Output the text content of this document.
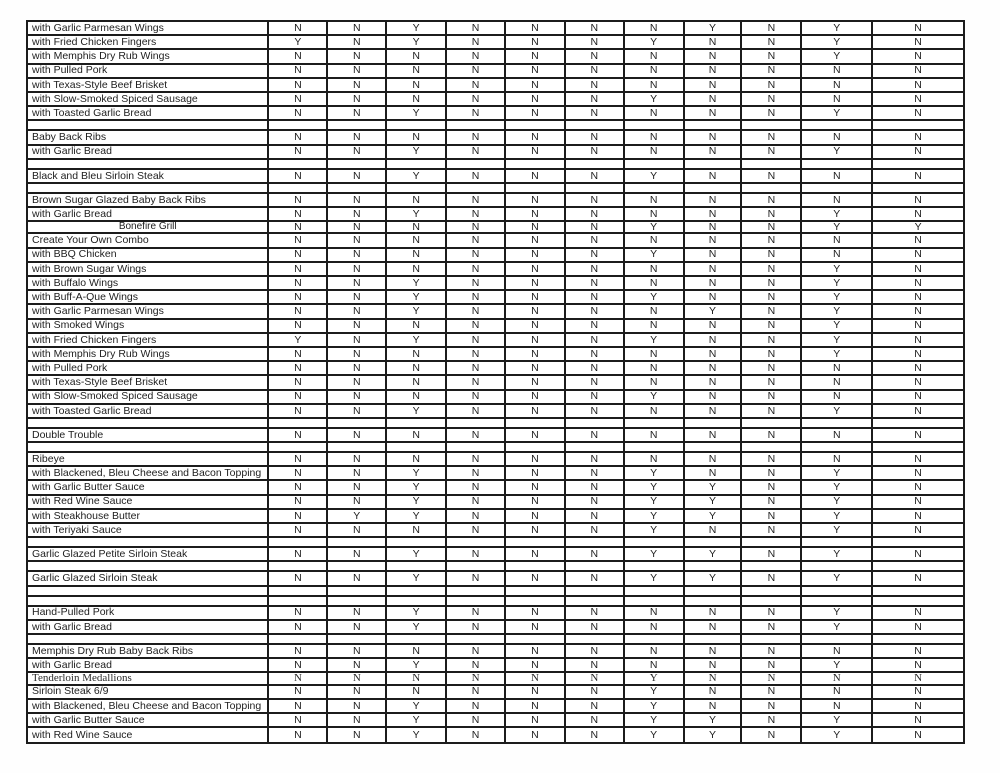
with Garlic Parmesan Wings	N	N	Y	N	N	N	N	Y	N	Y	N
with Fried Chicken Fingers	Y	N	Y	N	N	N	Y	N	N	Y	N
with Memphis Dry Rub Wings	N	N	N	N	N	N	N	N	N	Y	N
with Pulled Pork	N	N	N	N	N	N	N	N	N	N	N
with Texas-Style Beef Brisket	N	N	N	N	N	N	N	N	N	N	N
with Slow-Smoked Spiced Sausage	N	N	N	N	N	N	Y	N	N	N	N
with Toasted Garlic Bread	N	N	Y	N	N	N	N	N	N	Y	N
Baby Back Ribs	N	N	N	N	N	N	N	N	N	N	N
with Garlic Bread	N	N	Y	N	N	N	N	N	N	Y	N
Black and Bleu Sirloin Steak	N	N	Y	N	N	N	Y	N	N	N	N
Brown Sugar Glazed Baby Back Ribs	N	N	N	N	N	N	N	N	N	N	N
with Garlic Bread	N	N	Y	N	N	N	N	N	N	Y	N
Bonefire Grill	N	N	N	N	N	N	Y	N	N	Y	Y
Create Your Own Combo	N	N	N	N	N	N	N	N	N	N	N
with BBQ Chicken	N	N	N	N	N	N	Y	N	N	N	N
with Brown Sugar Wings	N	N	N	N	N	N	N	N	N	Y	N
with Buffalo Wings	N	N	Y	N	N	N	N	N	N	Y	N
with Buff-A-Que Wings	N	N	Y	N	N	N	Y	N	N	Y	N
with Garlic Parmesan Wings	N	N	Y	N	N	N	N	Y	N	Y	N
with Smoked Wings	N	N	N	N	N	N	N	N	N	Y	N
with Fried Chicken Fingers	Y	N	Y	N	N	N	Y	N	N	Y	N
with Memphis Dry Rub Wings	N	N	N	N	N	N	N	N	N	Y	N
with Pulled Pork	N	N	N	N	N	N	N	N	N	N	N
with Texas-Style Beef Brisket	N	N	N	N	N	N	N	N	N	N	N
with Slow-Smoked Spiced Sausage	N	N	N	N	N	N	Y	N	N	N	N
with Toasted Garlic Bread	N	N	Y	N	N	N	N	N	N	Y	N
Double Trouble	N	N	N	N	N	N	N	N	N	N	N
Ribeye	N	N	N	N	N	N	N	N	N	N	N
with Blackened, Bleu Cheese and Bacon Topping	N	N	Y	N	N	N	Y	N	N	Y	N
with Garlic Butter Sauce	N	N	Y	N	N	N	Y	Y	N	Y	N
with Red Wine Sauce	N	N	Y	N	N	N	Y	Y	N	Y	N
with Steakhouse Butter	N	Y	Y	N	N	N	Y	Y	N	Y	N
with Teriyaki Sauce	N	N	N	N	N	N	Y	N	N	Y	N
Garlic Glazed Petite Sirloin Steak	N	N	Y	N	N	N	Y	Y	N	Y	N
Garlic Glazed Sirloin Steak	N	N	Y	N	N	N	Y	Y	N	Y	N
Hand-Pulled Pork	N	N	Y	N	N	N	N	N	N	Y	N
with Garlic Bread	N	N	Y	N	N	N	N	N	N	Y	N
Memphis Dry Rub Baby Back Ribs	N	N	N	N	N	N	N	N	N	N	N
with Garlic Bread	N	N	Y	N	N	N	N	N	N	Y	N
Tenderloin Medallions	N	N	N	N	N	N	Y	N	N	N	N
Sirloin Steak 6/9	N	N	N	N	N	N	Y	N	N	N	N
with Blackened, Bleu Cheese and Bacon Topping	N	N	Y	N	N	N	Y	N	N	N	N
with Garlic Butter Sauce	N	N	Y	N	N	N	Y	Y	N	Y	N
with Red Wine Sauce	N	N	Y	N	N	N	Y	Y	N	Y	N
